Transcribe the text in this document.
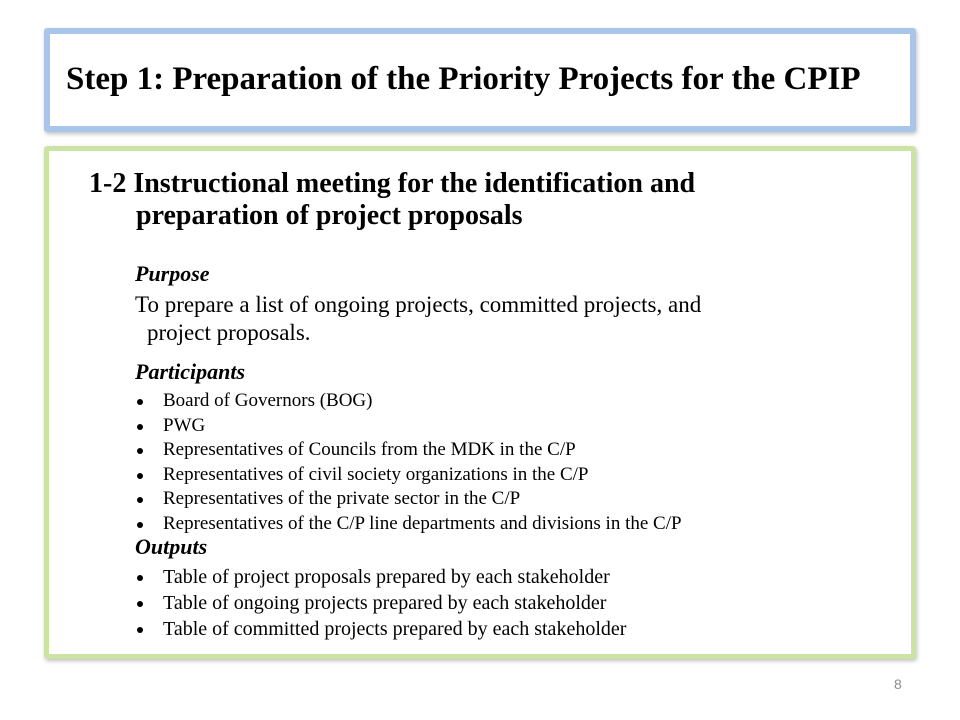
Step 1: Preparation of the Priority Projects for the CPIP
1-2 Instructional meeting for the identification and
preparation of project proposals
Purpose
To prepare a list of ongoing projects, committed projects, and
project proposals.
Participants
Board of Governors (BOG)
PWG
Representatives of Councils from the MDK in the C/P
Representatives of civil society organizations in the C/P
Representatives of the private sector in the C/P
Representatives of the C/P line departments and divisions in the C/P
Outputs
Table of project proposals prepared by each stakeholder
Table of ongoing projects prepared by each stakeholder
Table of committed projects prepared by each stakeholder
8
